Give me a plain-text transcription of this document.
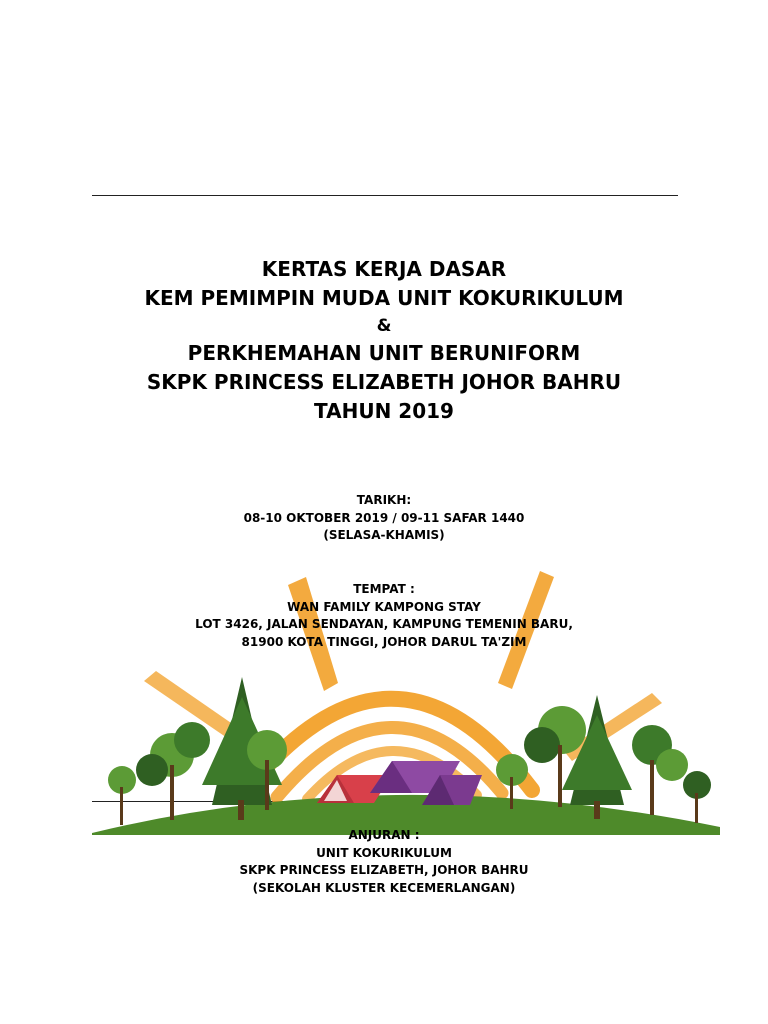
KERTAS KERJA DASAR
KEM PEMIMPIN MUDA UNIT KOKURIKULUM
&
PERKHEMAHAN UNIT BERUNIFORM
SKPK PRINCESS ELIZABETH JOHOR BAHRU
TAHUN 2019
TARIKH:
08-10 OKTOBER 2019 / 09-11 SAFAR 1440
(SELASA-KHAMIS)
TEMPAT :
WAN FAMILY KAMPONG STAY
LOT 3426, JALAN SENDAYAN, KAMPUNG TEMENIN BARU,
81900 KOTA TINGGI, JOHOR DARUL TA'ZIM
ANJURAN :
UNIT KOKURIKULUM
SKPK PRINCESS ELIZABETH, JOHOR BAHRU
(SEKOLAH KLUSTER KECEMERLANGAN)
